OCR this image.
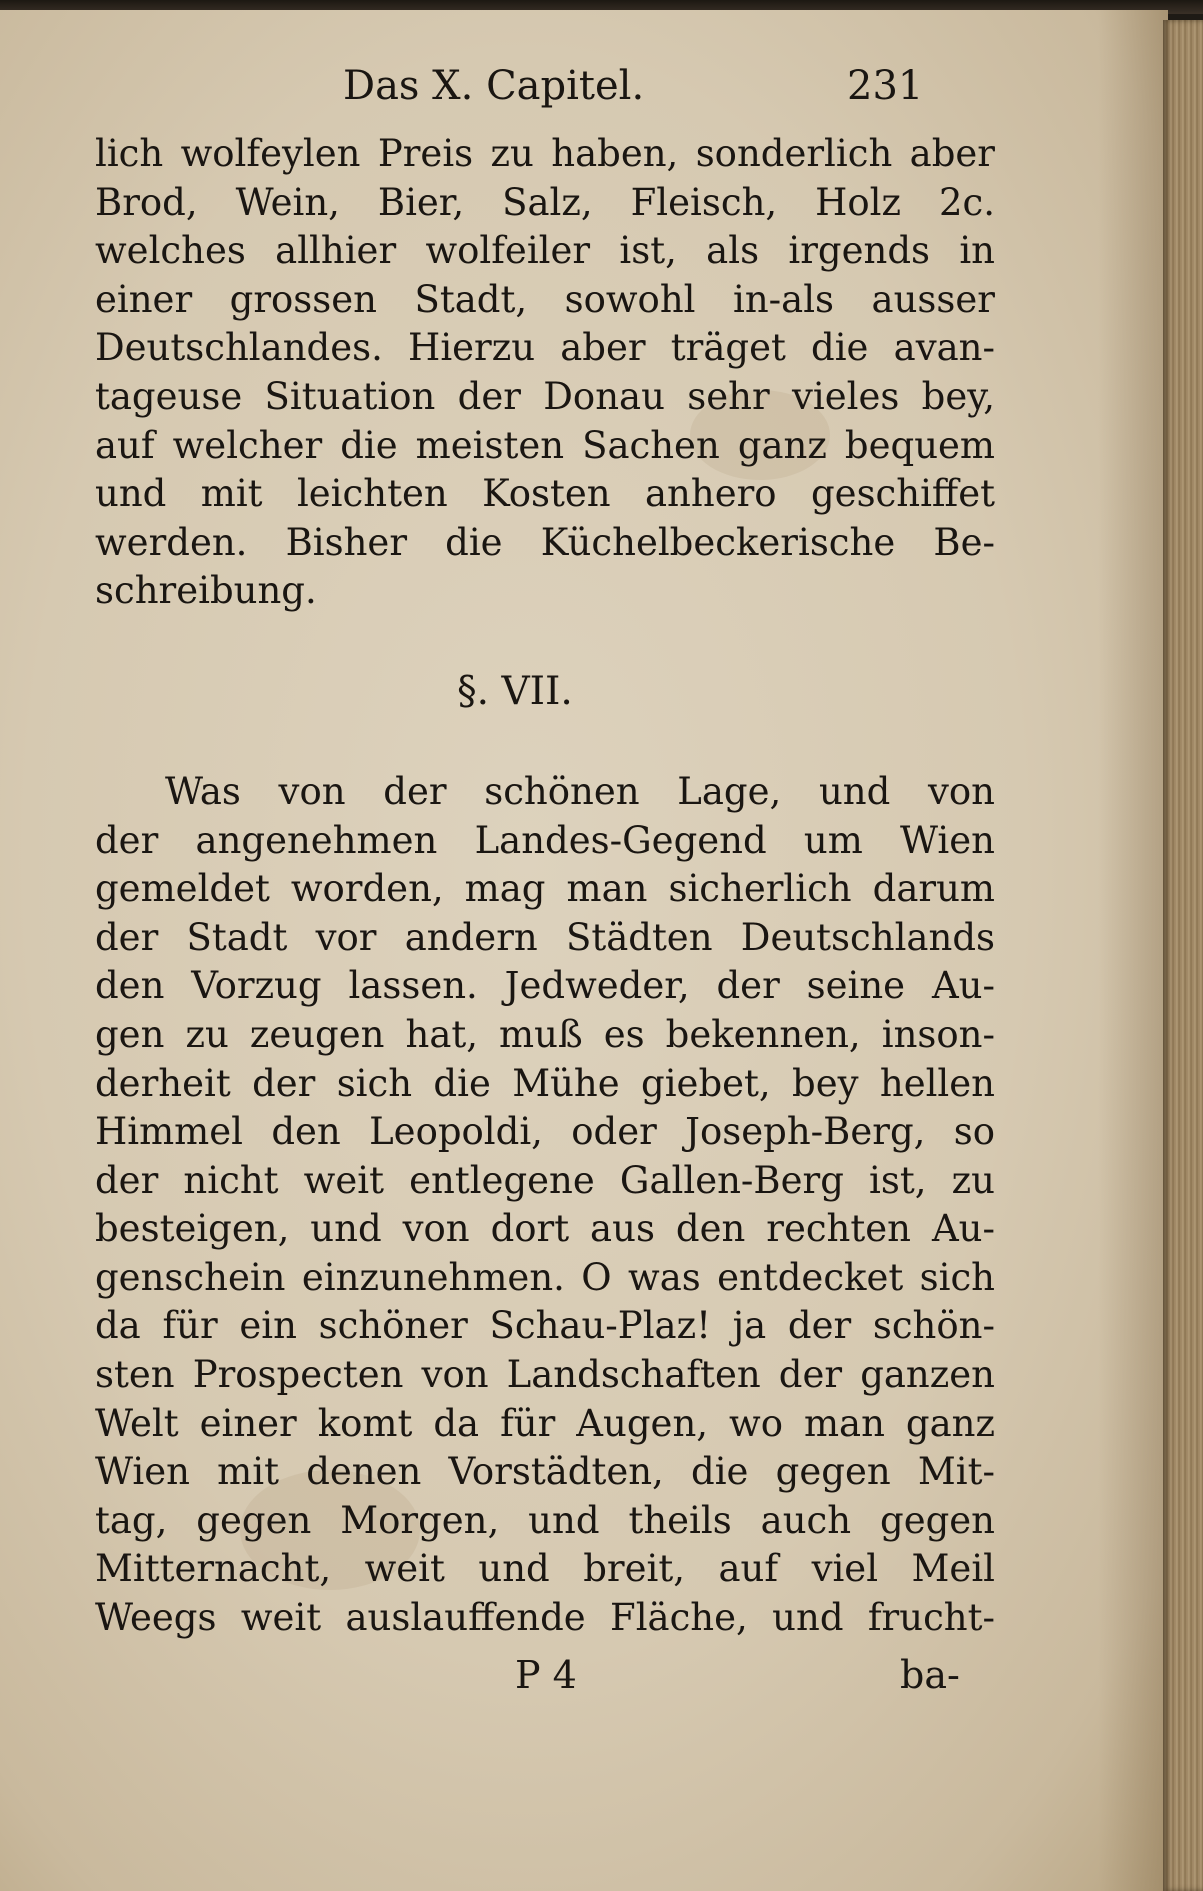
Das X. Capitel.	231
lich wolfeylen Preis zu haben, sonderlich aber
Brod, Wein, Bier, Salz, Fleisch, Holz 2c.
welches allhier wolfeiler ist, als irgends in
einer grossen Stadt, sowohl in-als ausser
Deutschlandes. Hierzu aber träget die avan-
tageuse Situation der Donau sehr vieles bey,
auf welcher die meisten Sachen ganz bequem
und mit leichten Kosten anhero geschiffet
werden. Bisher die Küchelbeckerische Be-
schreibung.
§. VII.
Was von der schönen Lage, und von
der angenehmen Landes-Gegend um Wien
gemeldet worden, mag man sicherlich darum
der Stadt vor andern Städten Deutschlands
den Vorzug lassen. Jedweder, der seine Au-
gen zu zeugen hat, muß es bekennen, inson-
derheit der sich die Mühe giebet, bey hellen
Himmel den Leopoldi, oder Joseph-Berg, so
der nicht weit entlegene Gallen-Berg ist, zu
besteigen, und von dort aus den rechten Au-
genschein einzunehmen. O was entdecket sich
da für ein schöner Schau-Plaz! ja der schön-
sten Prospecten von Landschaften der ganzen
Welt einer komt da für Augen, wo man ganz
Wien mit denen Vorstädten, die gegen Mit-
tag, gegen Morgen, und theils auch gegen
Mitternacht, weit und breit, auf viel Meil
Weegs weit auslauffende Fläche, und frucht-
P 4	ba-
